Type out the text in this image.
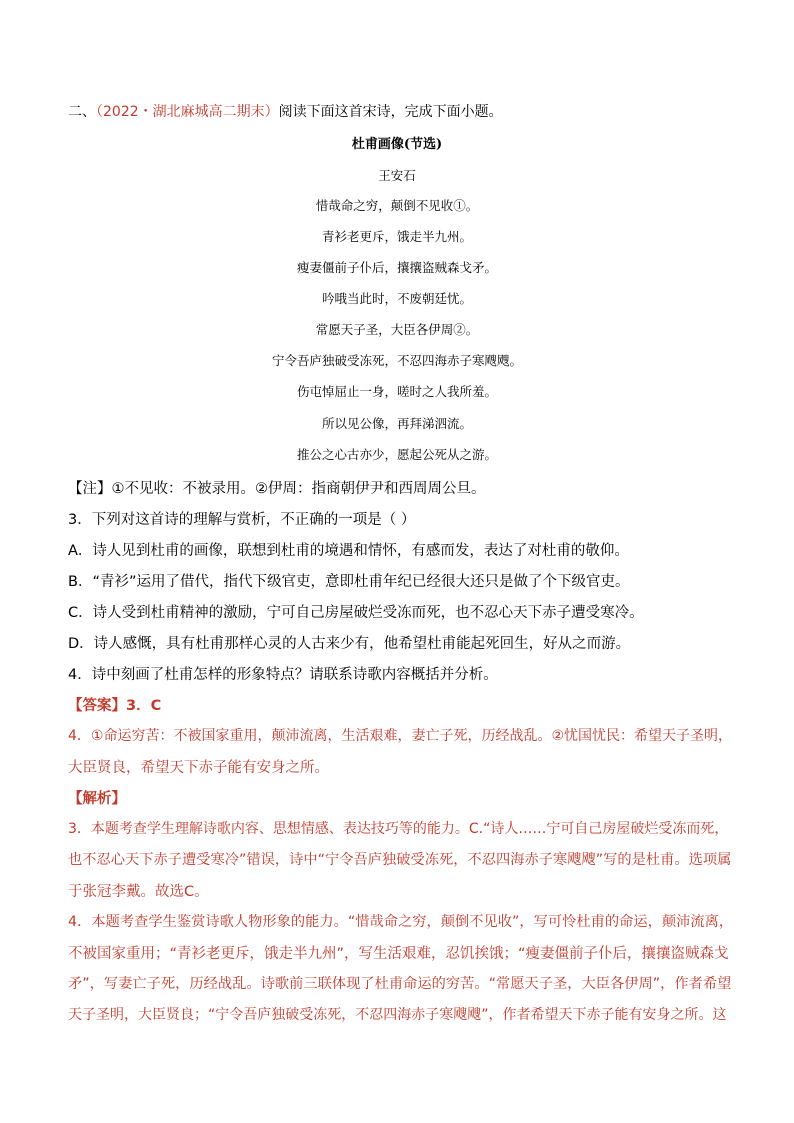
二、（2022・湖北麻城高二期末）阅读下面这首宋诗，完成下面小题。
杜甫画像(节选)
王安石
惜哉命之穷，颠倒不见收①。
青衫老更斥，饿走半九州。
瘦妻僵前子仆后，攘攘盗贼森戈矛。
吟哦当此时，不废朝廷忧。
常愿天子圣，大臣各伊周②。
宁令吾庐独破受冻死，不忍四海赤子寒飕飕。
伤屯悼屈止一身，嗟时之人我所羞。
所以见公像，再拜涕泗流。
推公之心古亦少，愿起公死从之游。
【注】①不见收：不被录用。②伊周：指商朝伊尹和西周周公旦。
3．下列对这首诗的理解与赏析，不正确的一项是（ ）
A．诗人见到杜甫的画像，联想到杜甫的境遇和情怀，有感而发，表达了对杜甫的敬仰。
B．“青衫”运用了借代，指代下级官吏，意即杜甫年纪已经很大还只是做了个下级官吏。
C．诗人受到杜甫精神的激励，宁可自己房屋破烂受冻而死，也不忍心天下赤子遭受寒冷。
D．诗人感慨，具有杜甫那样心灵的人古来少有，他希望杜甫能起死回生，好从之而游。
4．诗中刻画了杜甫怎样的形象特点？请联系诗歌内容概括并分析。
【答案】3．C
4．①命运穷苦：不被国家重用，颠沛流离，生活艰难，妻亡子死，历经战乱。②忧国忧民：希望天子圣明，
大臣贤良，希望天下赤子能有安身之所。
【解析】
3．本题考查学生理解诗歌内容、思想情感、表达技巧等的能力。C.“诗人……宁可自己房屋破烂受冻而死，
也不忍心天下赤子遭受寒冷”错误，诗中“宁令吾庐独破受冻死，不忍四海赤子寒飕飕”写的是杜甫。选项属
于张冠李戴。故选C。
4．本题考查学生鉴赏诗歌人物形象的能力。“惜哉命之穷，颠倒不见收”，写可怜杜甫的命运，颠沛流离，
不被国家重用；“青衫老更斥，饿走半九州”，写生活艰难，忍饥挨饿；“瘦妻僵前子仆后，攘攘盗贼森戈
矛”，写妻亡子死，历经战乱。诗歌前三联体现了杜甫命运的穷苦。“常愿天子圣，大臣各伊周”，作者希望
天子圣明，大臣贤良；“宁令吾庐独破受冻死，不忍四海赤子寒飕飕”，作者希望天下赤子能有安身之所。这
